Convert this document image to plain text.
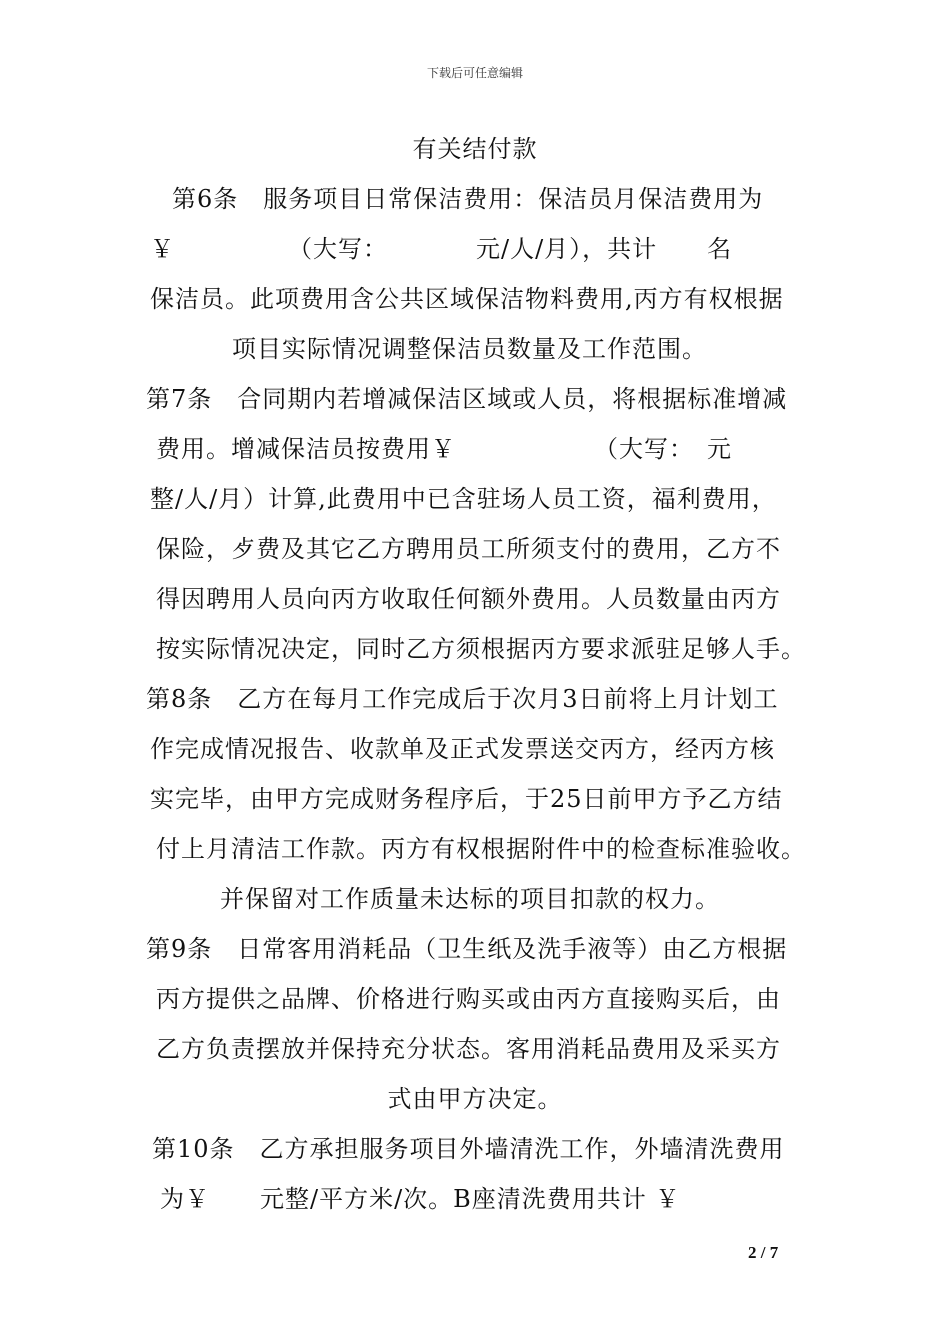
下载后可任意编辑
有关结付款
第6条　服务项目日常保洁费用：保洁员月保洁费用为
￥　　　　　（大写：　　　　元/人/月），共计　　名
保洁员。此项费用含公共区域保洁物料费用,丙方有权根据
项目实际情况调整保洁员数量及工作范围。
第7条　合同期内若增减保洁区域或人员，将根据标准增减
费用。增减保洁员按费用￥　　　　　　（大写：　元
整/人/月）计算,此费用中已含驻场人员工资，福利费用，
保险，歺费及其它乙方聘用员工所须支付的费用，乙方不
得因聘用人员向丙方收取任何额外费用。人员数量由丙方
按实际情况决定，同时乙方须根据丙方要求派驻足够人手。
第8条　乙方在每月工作完成后于次月3日前将上月计划工
作完成情况报告、收款单及正式发票送交丙方，经丙方核
实完毕，由甲方完成财务程序后，于25日前甲方予乙方结
付上月清洁工作款。丙方有权根据附件中的检查标准验收。
并保留对工作质量未达标的项目扣款的权力。
第9条　日常客用消耗品（卫生纸及洗手液等）由乙方根据
丙方提供之品牌、价格进行购买或由丙方直接购买后，由
乙方负责摆放并保持充分状态。客用消耗品费用及采买方
式由甲方决定。
第10条　乙方承担服务项目外墙清洗工作，外墙清洗费用
为￥　　元整/平方米/次。B座清洗费用共计 ￥
2 / 7
